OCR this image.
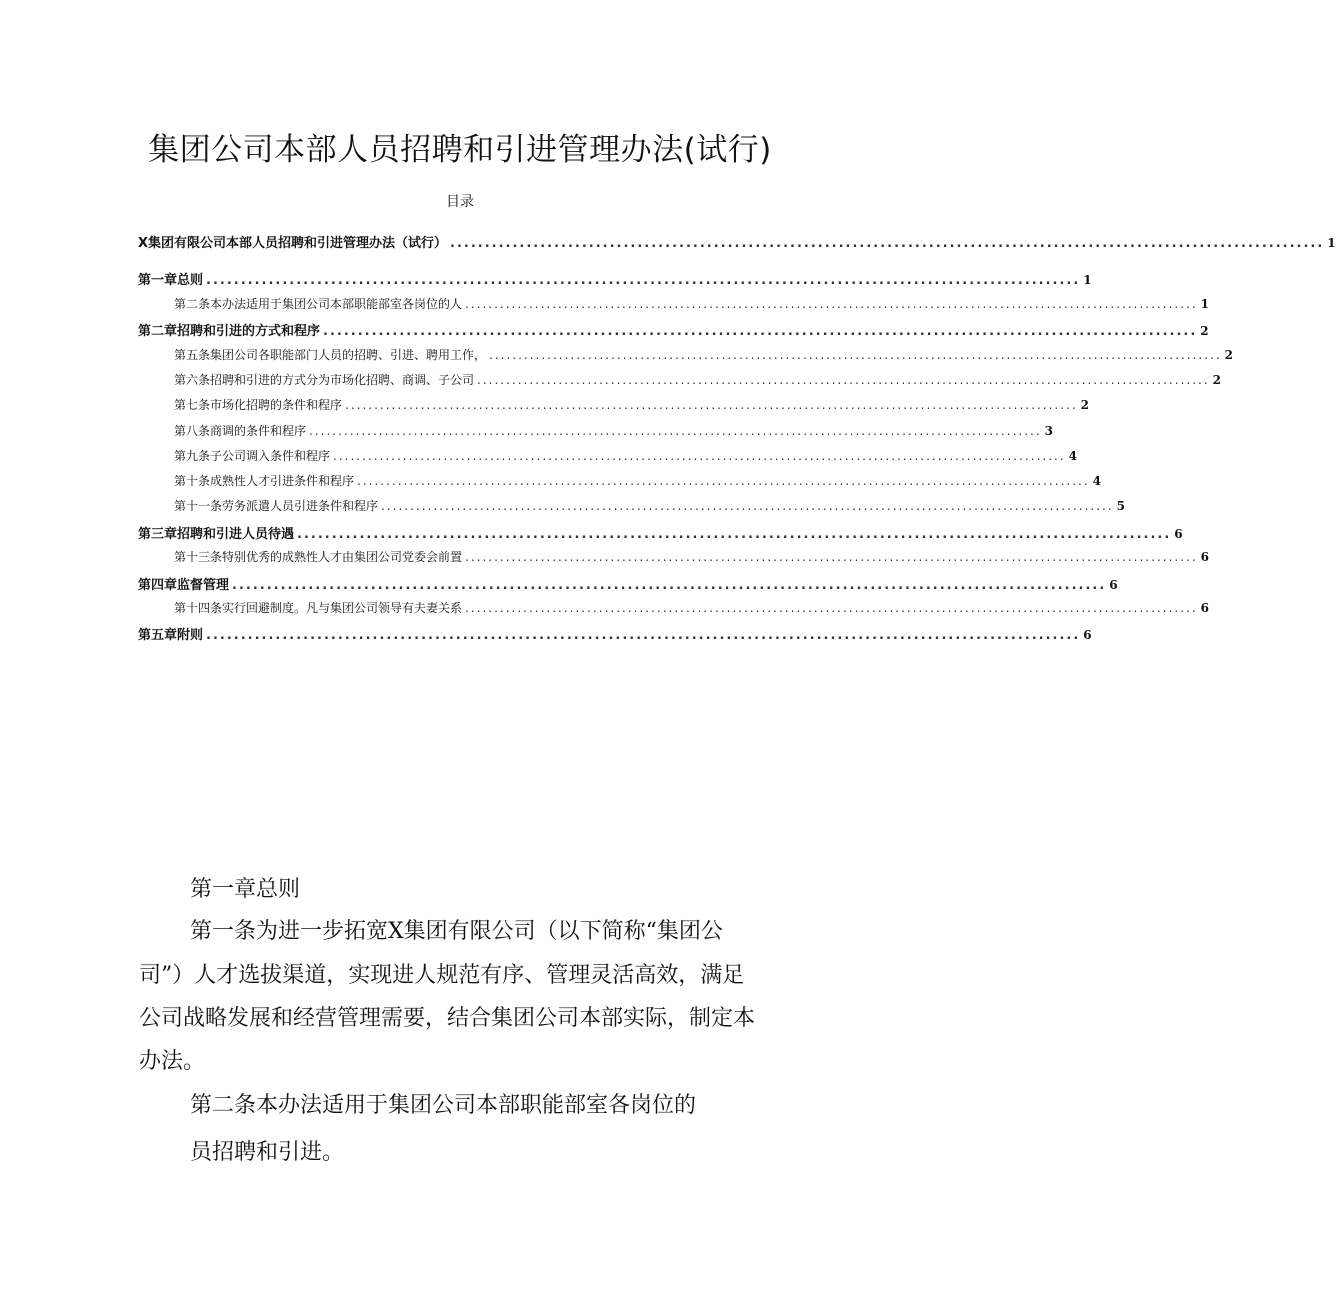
集团公司本部人员招聘和引进管理办法(试行)
目录
X集团有限公司本部人员招聘和引进管理办法（试行） .............................................................................................................................. 1
第一章总则 .............................................................................................................................. 1
第二条本办法适用于集团公司本部职能部室各岗位的人 .............................................................................................................................. 1
第二章招聘和引进的方式和程序 .............................................................................................................................. 2
第五条集团公司各职能部门人员的招聘、引进、聘用工作， .............................................................................................................................. 2
第六条招聘和引进的方式分为市场化招聘、商调、子公司 .............................................................................................................................. 2
第七条市场化招聘的条件和程序 .............................................................................................................................. 2
第八条商调的条件和程序 .............................................................................................................................. 3
第九条子公司调入条件和程序 .............................................................................................................................. 4
第十条成熟性人才引进条件和程序 .............................................................................................................................. 4
第十一条劳务派遣人员引进条件和程序 .............................................................................................................................. 5
第三章招聘和引进人员待遇 .............................................................................................................................. 6
第十三条特别优秀的成熟性人才由集团公司党委会前置 .............................................................................................................................. 6
第四章监督管理 .............................................................................................................................. 6
第十四条实行回避制度。凡与集团公司领导有夫妻关系 .............................................................................................................................. 6
第五章附则 .............................................................................................................................. 6
第一章总则
第一条为进一步拓宽X集团有限公司（以下简称“集团公
司”）人才选拔渠道，实现进人规范有序、管理灵活高效，满足
公司战略发展和经营管理需要，结合集团公司本部实际，制定本
办法。
第二条本办法适用于集团公司本部职能部室各岗位的
员招聘和引进。
